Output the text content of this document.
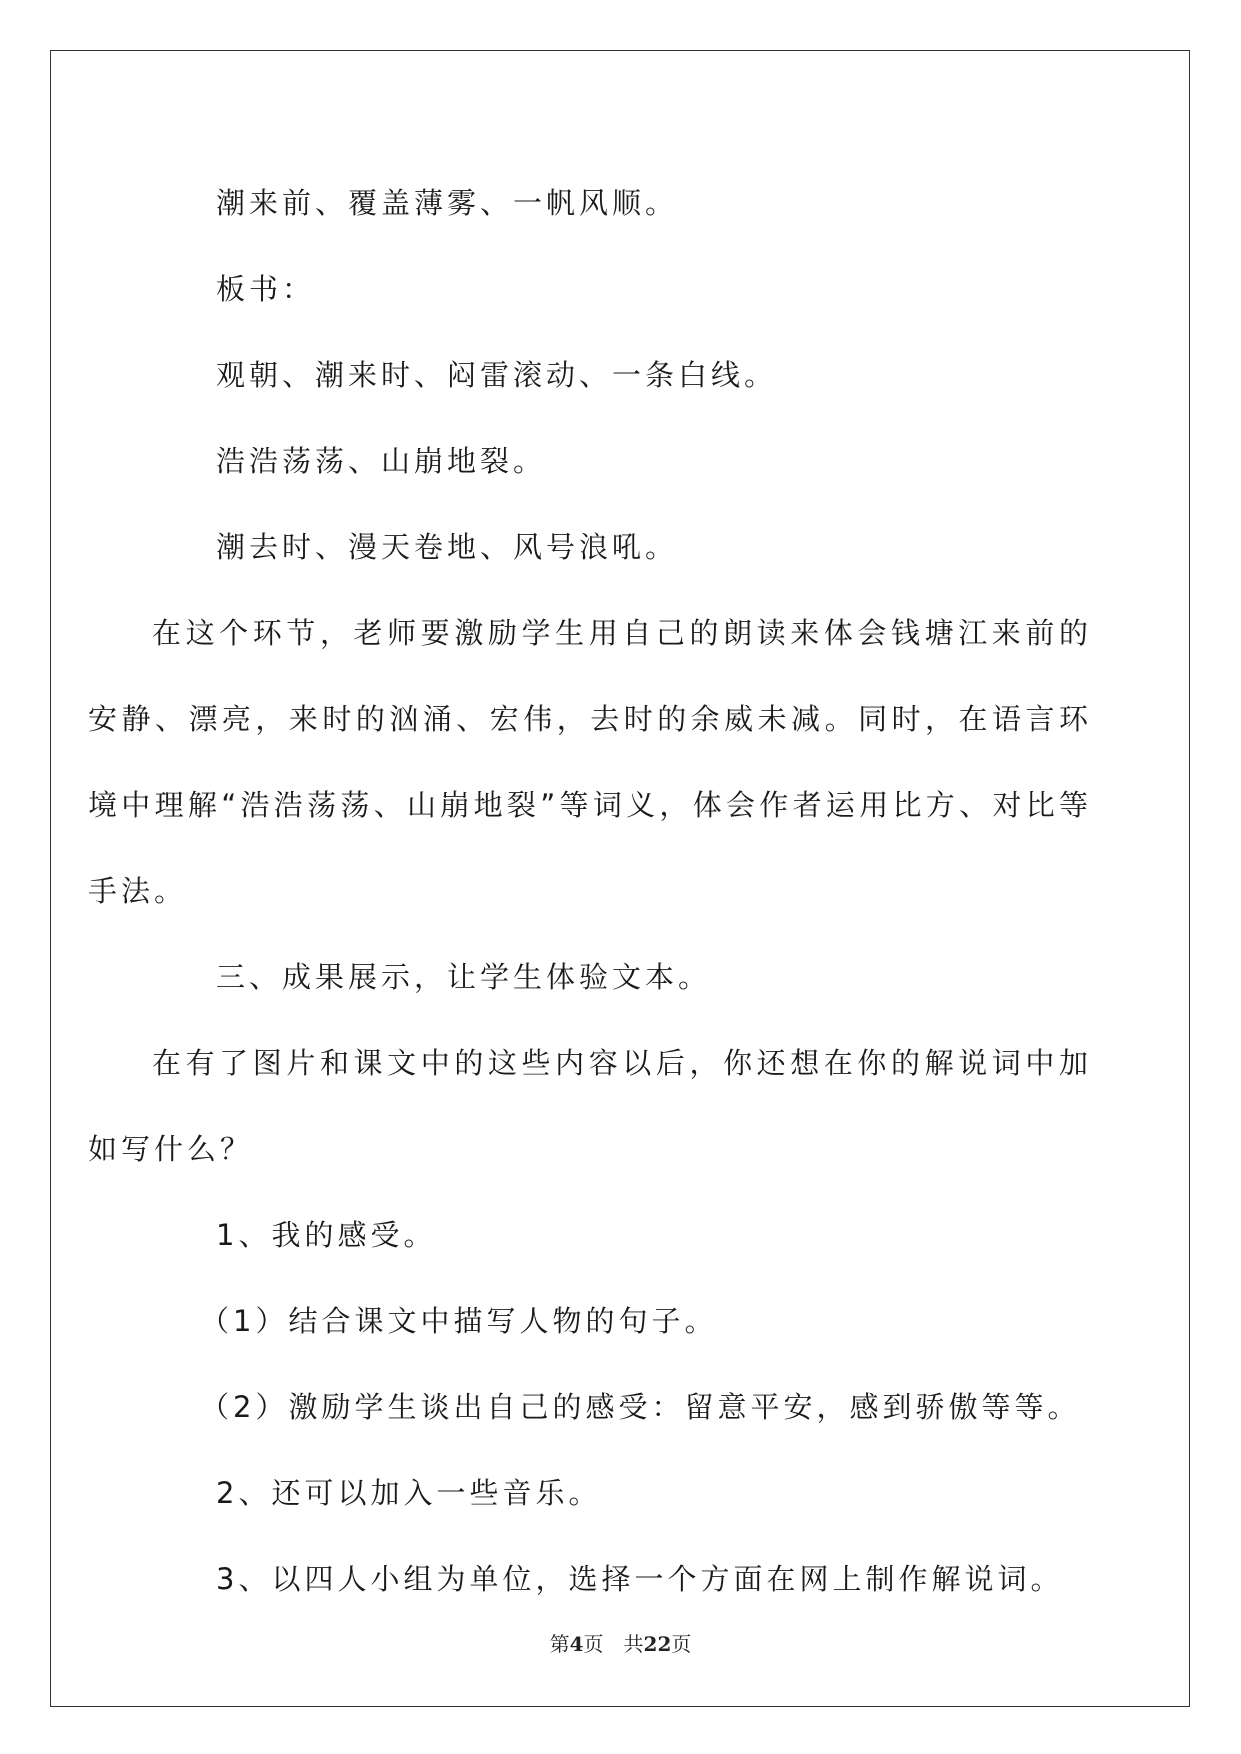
潮来前、覆盖薄雾、一帆风顺。

板书：

观朝、潮来时、闷雷滚动、一条白线。

浩浩荡荡、山崩地裂。

潮去时、漫天卷地、风号浪吼。

在这个环节，老师要激励学生用自己的朗读来体会钱塘江来前的安静、漂亮，来时的汹涌、宏伟，去时的余威未减。同时，在语言环境中理解“浩浩荡荡、山崩地裂”等词义，体会作者运用比方、对比等手法。

三、成果展示，让学生体验文本。

在有了图片和课文中的这些内容以后，你还想在你的解说词中加如写什么？

1、我的感受。

（1）结合课文中描写人物的句子。

（2）激励学生谈出自己的感受：留意平安，感到骄傲等等。

2、还可以加入一些音乐。

3、以四人小组为单位，选择一个方面在网上制作解说词。

第4页 共22页
